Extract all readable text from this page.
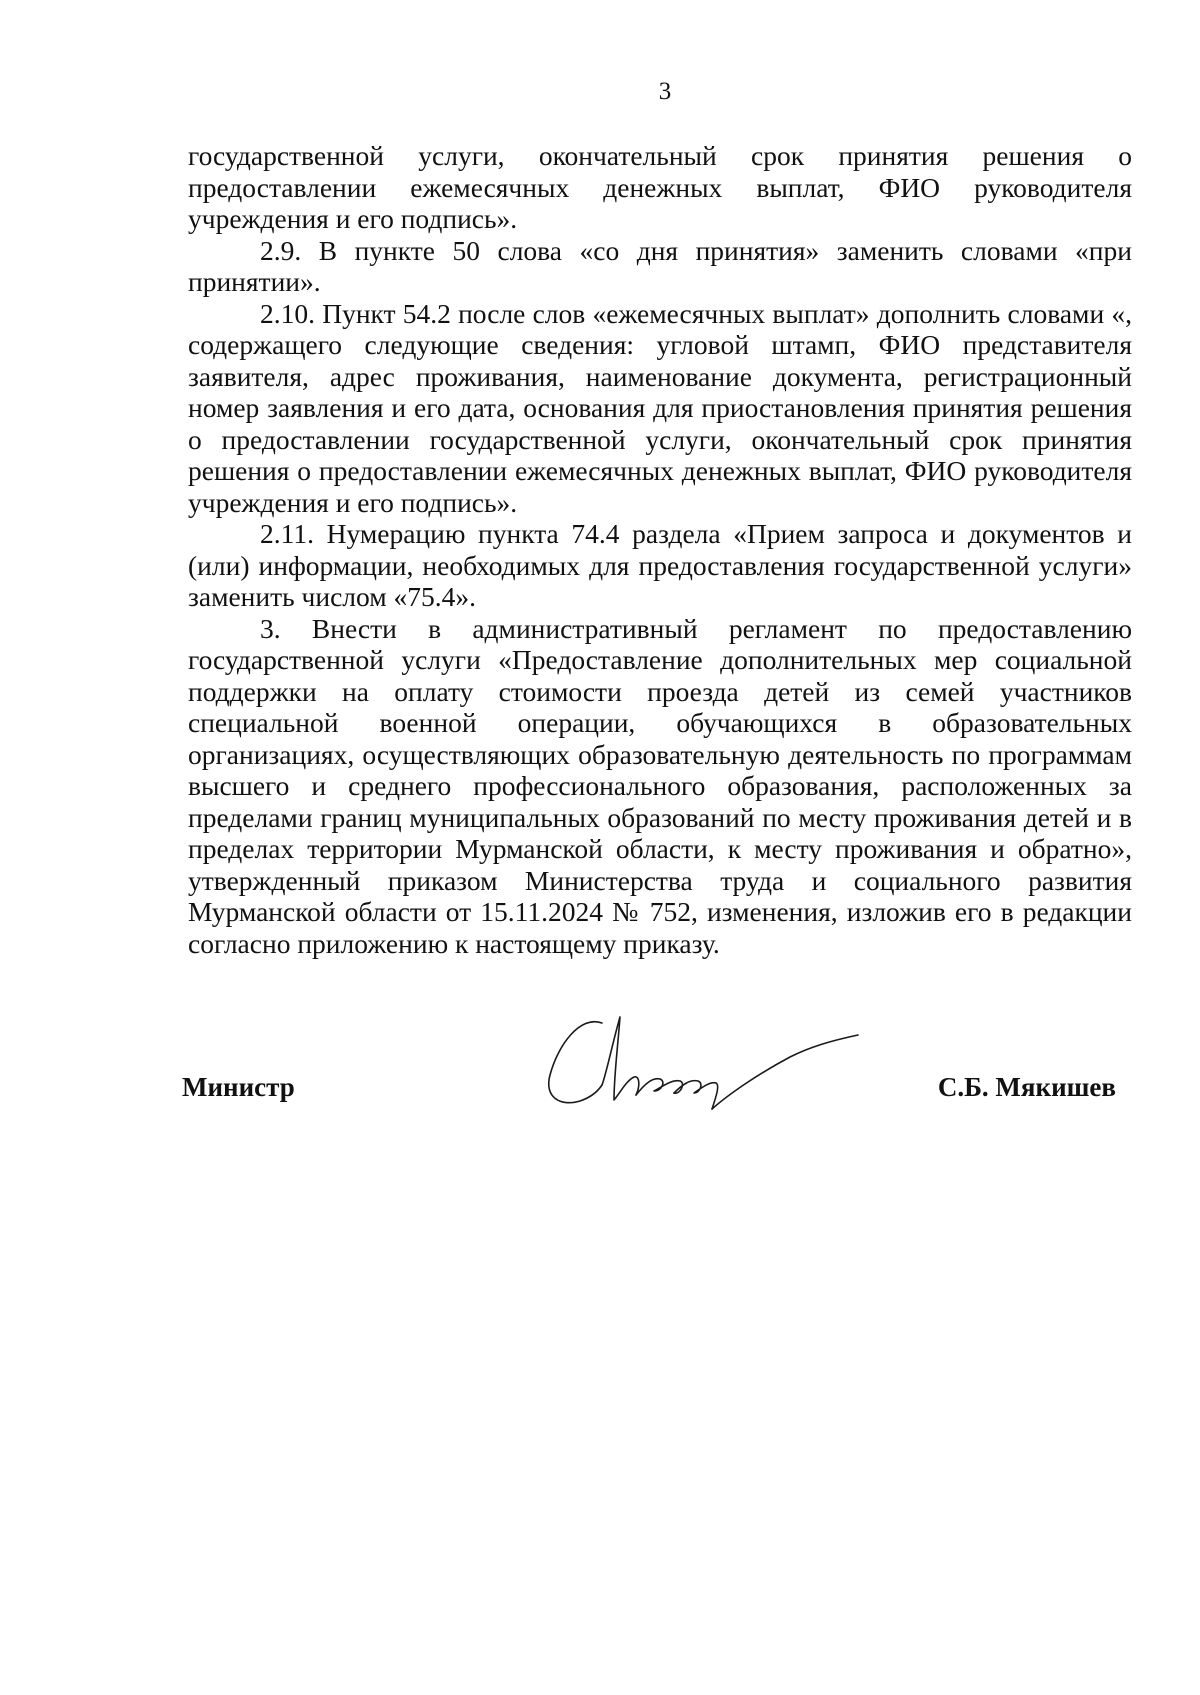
3

государственной услуги, окончательный срок принятия решения о предоставлении ежемесячных денежных выплат, ФИО руководителя учреждения и его подпись».

2.9. В пункте 50 слова «со дня принятия» заменить словами «при принятии».

2.10. Пункт 54.2 после слов «ежемесячных выплат» дополнить словами «, содержащего следующие сведения: угловой штамп, ФИО представителя заявителя, адрес проживания, наименование документа, регистрационный номер заявления и его дата, основания для приостановления принятия решения о предоставлении государственной услуги, окончательный срок принятия решения о предоставлении ежемесячных денежных выплат, ФИО руководителя учреждения и его подпись».

2.11. Нумерацию пункта 74.4 раздела «Прием запроса и документов и (или) информации, необходимых для предоставления государственной услуги» заменить числом «75.4».

3. Внести в административный регламент по предоставлению государственной услуги «Предоставление дополнительных мер социальной поддержки на оплату стоимости проезда детей из семей участников специальной военной операции, обучающихся в образовательных организациях, осуществляющих образовательную деятельность по программам высшего и среднего профессионального образования, расположенных за пределами границ муниципальных образований по месту проживания детей и в пределах территории Мурманской области, к месту проживания и обратно», утвержденный приказом Министерства труда и социального развития Мурманской области от 15.11.2024 № 752, изменения, изложив его в редакции согласно приложению к настоящему приказу.

Министр	С.Б. Мякишев
